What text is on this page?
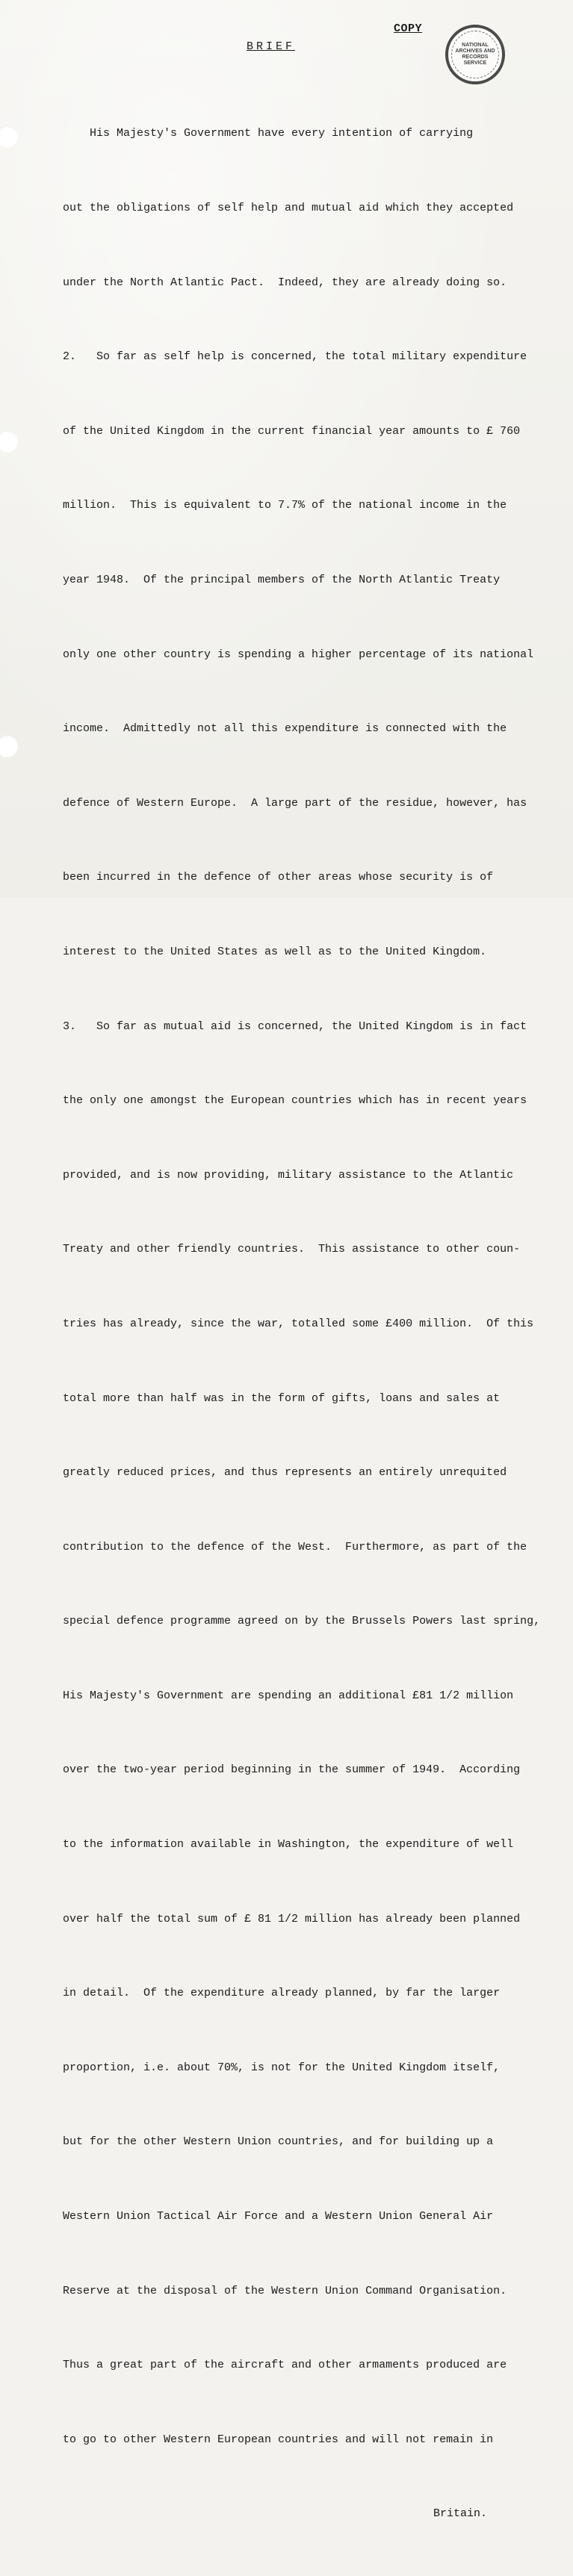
COPY
BRIEF	NATIONAL
ARCHIVES AND
RECORDS
SERVICE

His Majesty's Government have every intention of carrying

out the obligations of self help and mutual aid which they accepted

under the North Atlantic Pact.  Indeed, they are already doing so.

2.   So far as self help is concerned, the total military expenditure

of the United Kingdom in the current financial year amounts to £ 760

million.  This is equivalent to 7.7% of the national income in the

year 1948.  Of the principal members of the North Atlantic Treaty

only one other country is spending a higher percentage of its national

income.  Admittedly not all this expenditure is connected with the

defence of Western Europe.  A large part of the residue, however, has

been incurred in the defence of other areas whose security is of

interest to the United States as well as to the United Kingdom.

3.   So far as mutual aid is concerned, the United Kingdom is in fact

the only one amongst the European countries which has in recent years

provided, and is now providing, military assistance to the Atlantic

Treaty and other friendly countries.  This assistance to other coun-

tries has already, since the war, totalled some £400 million.  Of this

total more than half was in the form of gifts, loans and sales at

greatly reduced prices, and thus represents an entirely unrequited

contribution to the defence of the West.  Furthermore, as part of the

special defence programme agreed on by the Brussels Powers last spring,

His Majesty's Government are spending an additional £81 1/2 million

over the two-year period beginning in the summer of 1949.  According

to the information available in Washington, the expenditure of well

over half the total sum of £ 81 1/2 million has already been planned

in detail.  Of the expenditure already planned, by far the larger

proportion, i.e. about 70%, is not for the United Kingdom itself,

but for the other Western Union countries, and for building up a

Western Union Tactical Air Force and a Western Union General Air

Reserve at the disposal of the Western Union Command Organisation.

Thus a great part of the aircraft and other armaments produced are

to go to other Western European countries and will not remain in

Britain.
